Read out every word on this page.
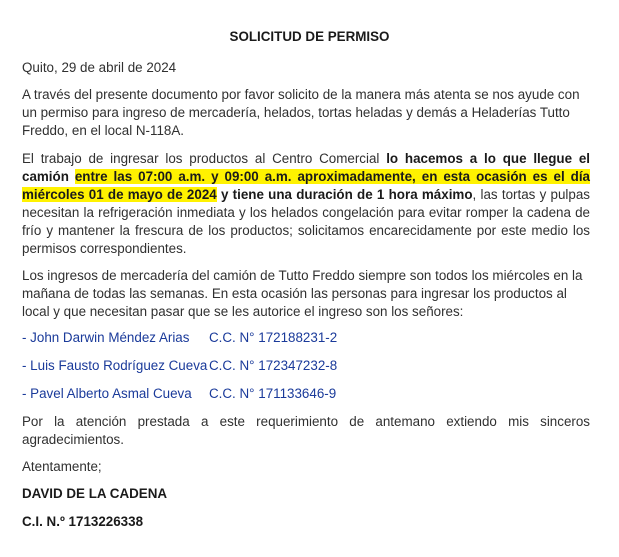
SOLICITUD DE PERMISO
Quito, 29 de abril de 2024
A través del presente documento por favor solicito de la manera más atenta se nos ayude con un permiso para ingreso de mercadería, helados, tortas heladas y demás a Heladerías Tutto Freddo, en el local N-118A.
El trabajo de ingresar los productos al Centro Comercial lo hacemos a lo que llegue el camión entre las 07:00 a.m. y 09:00 a.m. aproximadamente, en esta ocasión es el día miércoles 01 de mayo de 2024 y tiene una duración de 1 hora máximo, las tortas y pulpas necesitan la refrigeración inmediata y los helados congelación para evitar romper la cadena de frío y mantener la frescura de los productos; solicitamos encarecidamente por este medio los permisos correspondientes.
Los ingresos de mercadería del camión de Tutto Freddo siempre son todos los miércoles en la mañana de todas las semanas. En esta ocasión las personas para ingresar los productos al local y que necesitan pasar que se les autorice el ingreso son los señores:
- John Darwin Méndez Arias C.C. N° 172188231-2
- Luis Fausto Rodríguez Cueva C.C. N° 172347232-8
- Pavel Alberto Asmal Cueva C.C. N° 171133646-9
Por la atención prestada a este requerimiento de antemano extiendo mis sinceros agradecimientos.
Atentamente;
DAVID DE LA CADENA
C.I. N.º 1713226338
